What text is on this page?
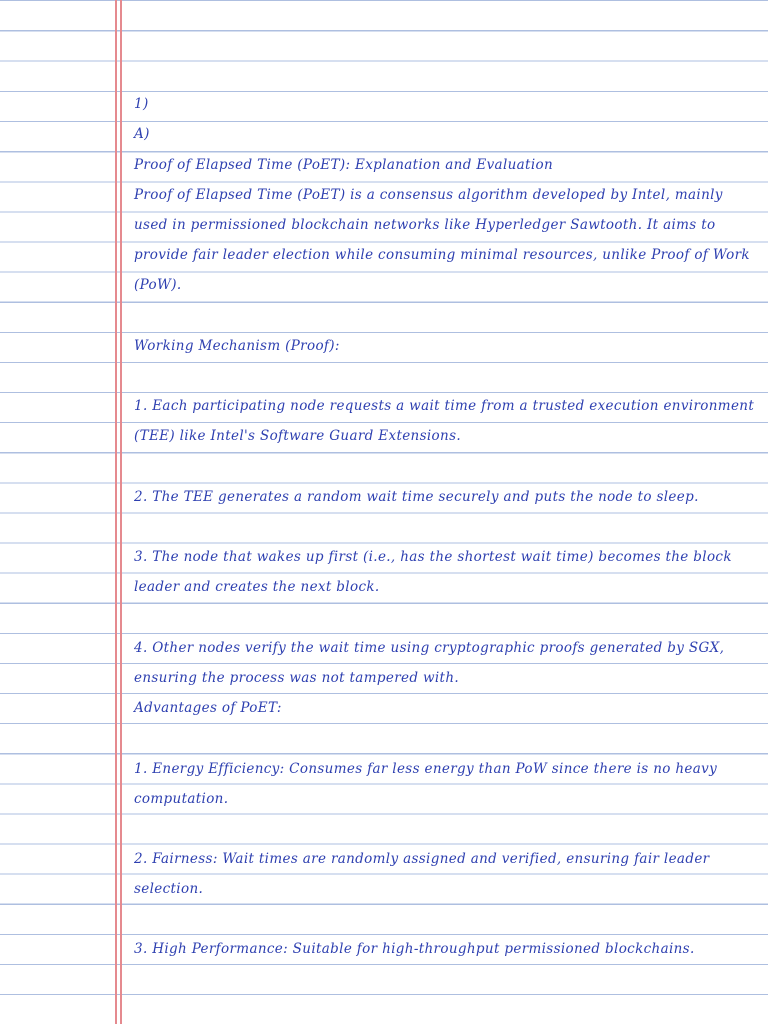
1)
A)
Proof of Elapsed Time (PoET): Explanation and Evaluation
Proof of Elapsed Time (PoET) is a consensus algorithm developed by Intel, mainly
used in permissioned blockchain networks like Hyperledger Sawtooth. It aims to
provide fair leader election while consuming minimal resources, unlike Proof of Work
(PoW).
Working Mechanism (Proof):
1. Each participating node requests a wait time from a trusted execution environment
(TEE) like Intel's Software Guard Extensions.
2. The TEE generates a random wait time securely and puts the node to sleep.
3. The node that wakes up first (i.e., has the shortest wait time) becomes the block
leader and creates the next block.
4. Other nodes verify the wait time using cryptographic proofs generated by SGX,
ensuring the process was not tampered with.
Advantages of PoET:
1. Energy Efficiency: Consumes far less energy than PoW since there is no heavy
computation.
2. Fairness: Wait times are randomly assigned and verified, ensuring fair leader
selection.
3. High Performance: Suitable for high-throughput permissioned blockchains.
